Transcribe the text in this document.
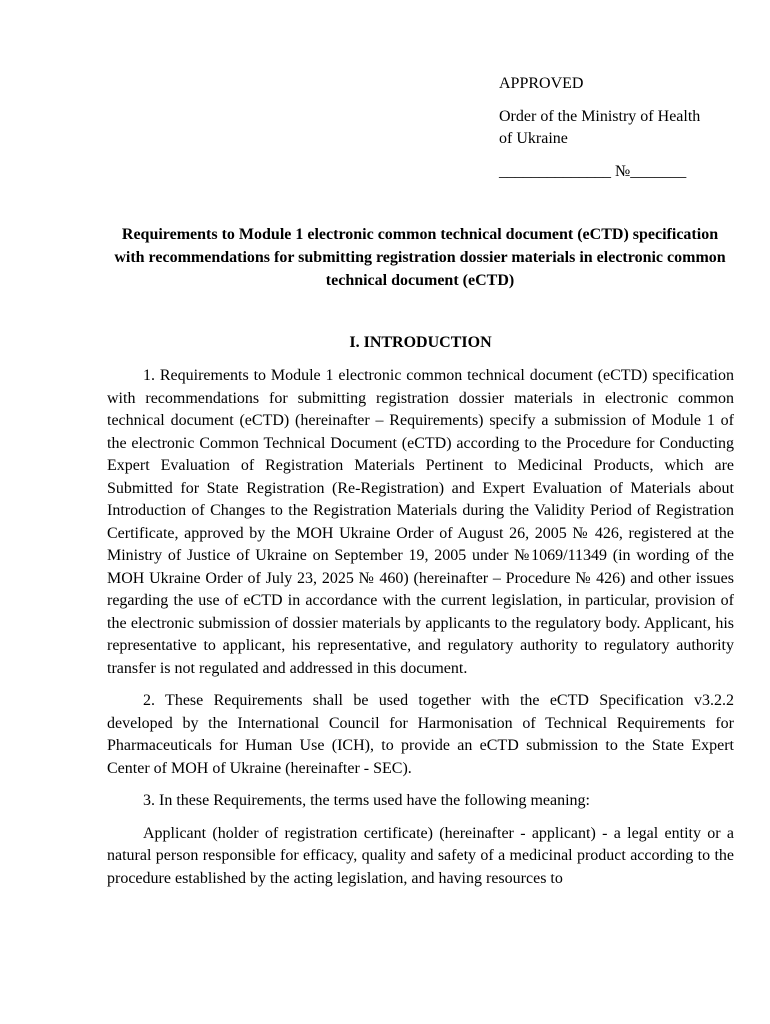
APPROVED

Order of the Ministry of Health

of Ukraine

______________ №_______

Requirements to Module 1 electronic common technical document (eCTD) specification with recommendations for submitting registration dossier materials in electronic common technical document (eCTD)
I. INTRODUCTION

1. Requirements to Module 1 electronic common technical document (eCTD) specification with recommendations for submitting registration dossier materials in electronic common technical document (eCTD) (hereinafter – Requirements) specify a submission of Module 1 of the electronic Common Technical Document (eCTD) according to the Procedure for Conducting Expert Evaluation of Registration Materials Pertinent to Medicinal Products, which are Submitted for State Registration (Re-Registration) and Expert Evaluation of Materials about Introduction of Changes to the Registration Materials during the Validity Period of Registration Certificate, approved by the MOH Ukraine Order of August 26, 2005 № 426, registered at the Ministry of Justice of Ukraine on September 19, 2005 under №1069/11349 (in wording of the MOH Ukraine Order of July 23, 2025 № 460) (hereinafter – Procedure № 426) and other issues regarding the use of eCTD in accordance with the current legislation, in particular, provision of the electronic submission of dossier materials by applicants to the regulatory body. Applicant, his representative to applicant, his representative, and regulatory authority to regulatory authority transfer is not regulated and addressed in this document.

2. These Requirements shall be used together with the eCTD Specification v3.2.2 developed by the International Council for Harmonisation of Technical Requirements for Pharmaceuticals for Human Use (ICH), to provide an eCTD submission to the State Expert Center of MOH of Ukraine (hereinafter - SEC).

3. In these Requirements, the terms used have the following meaning:

Applicant (holder of registration certificate) (hereinafter - applicant) - a legal entity or a natural person responsible for efficacy, quality and safety of a medicinal product according to the procedure established by the acting legislation, and having resources to
